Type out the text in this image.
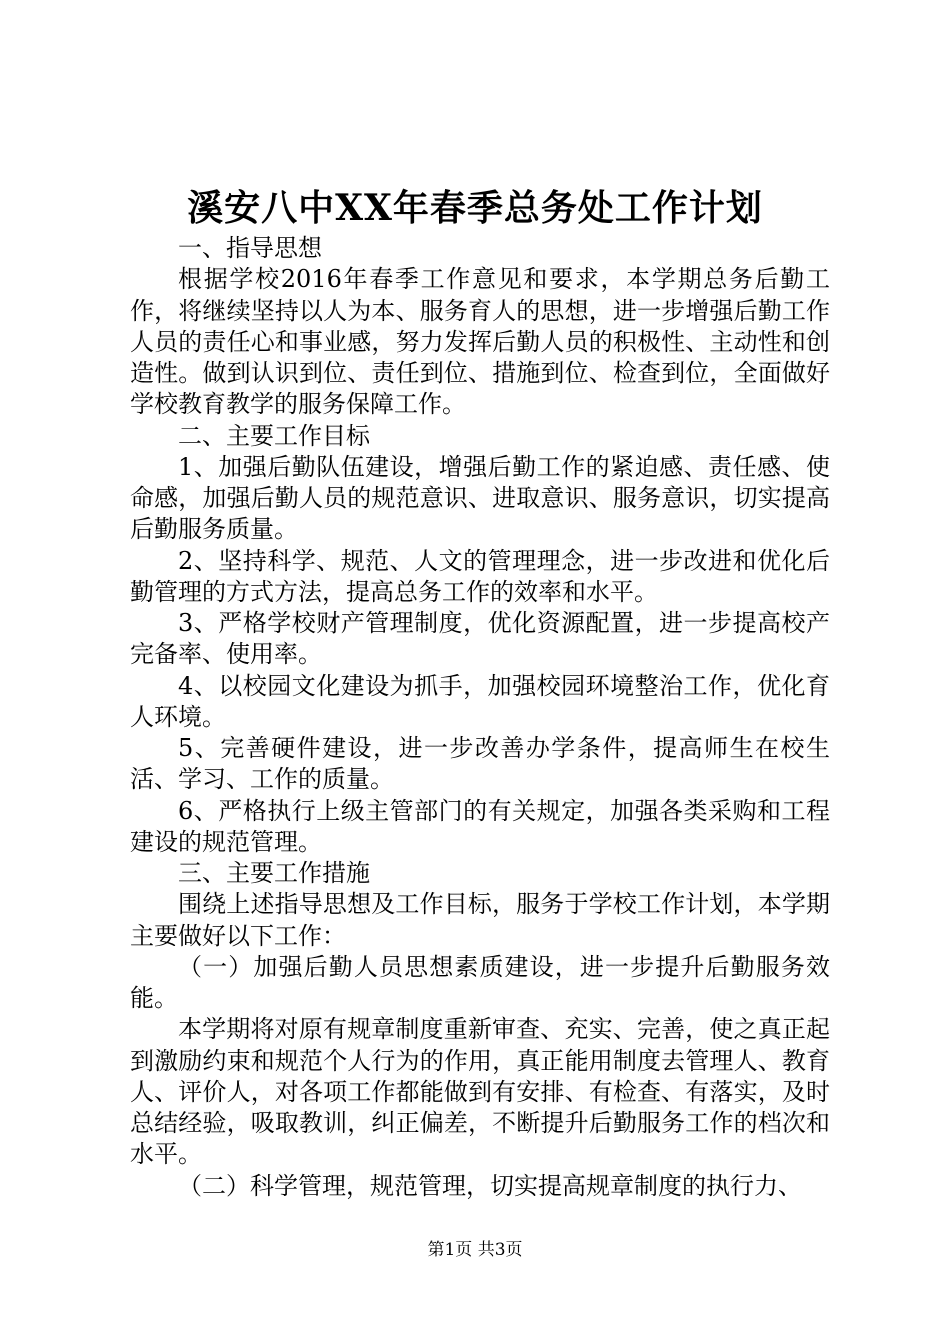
溪安八中XX年春季总务处工作计划

一、指导思想

根据学校2016年春季工作意见和要求，本学期总务后勤工作，将继续坚持以人为本、服务育人的思想，进一步增强后勤工作人员的责任心和事业感，努力发挥后勤人员的积极性、主动性和创造性。做到认识到位、责任到位、措施到位、检查到位，全面做好学校教育教学的服务保障工作。

二、主要工作目标

1、加强后勤队伍建设，增强后勤工作的紧迫感、责任感、使命感，加强后勤人员的规范意识、进取意识、服务意识，切实提高后勤服务质量。

2、坚持科学、规范、人文的管理理念，进一步改进和优化后勤管理的方式方法，提高总务工作的效率和水平。

3、严格学校财产管理制度，优化资源配置，进一步提高校产完备率、使用率。

4、以校园文化建设为抓手，加强校园环境整治工作，优化育人环境。

5、完善硬件建设，进一步改善办学条件，提高师生在校生活、学习、工作的质量。

6、严格执行上级主管部门的有关规定，加强各类采购和工程建设的规范管理。

三、主要工作措施

围绕上述指导思想及工作目标，服务于学校工作计划，本学期主要做好以下工作：

（一）加强后勤人员思想素质建设，进一步提升后勤服务效能。

本学期将对原有规章制度重新审查、充实、完善，使之真正起到激励约束和规范个人行为的作用，真正能用制度去管理人、教育人、评价人，对各项工作都能做到有安排、有检查、有落实，及时总结经验，吸取教训，纠正偏差，不断提升后勤服务工作的档次和水平。

（二）科学管理，规范管理，切实提高规章制度的执行力、

第1页 共3页
